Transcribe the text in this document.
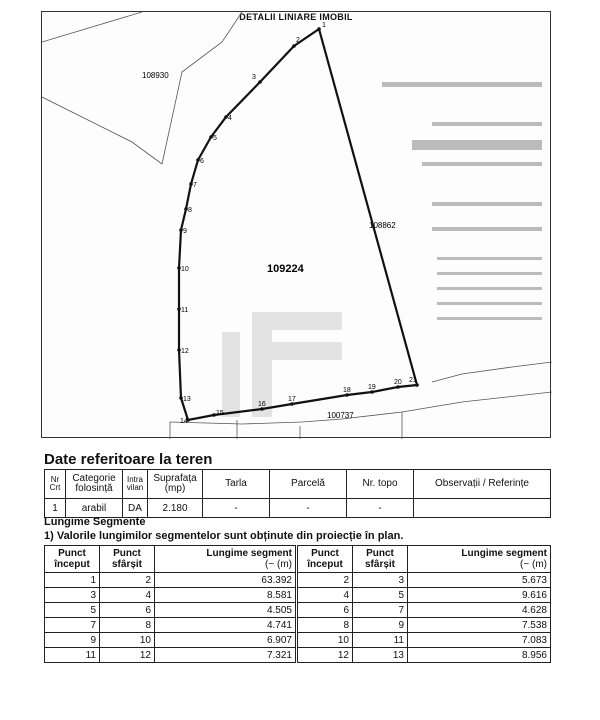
DETALII LINIARE IMOBIL
1
2
3
4
5
6
7
8
9
10
11
12
13
14
15
16
17
18 19
20 21
109224
108930
108862
100737
Date referitoare la teren
Nr Crt	Categorie folosință	Intra vilan	Suprafața (mp)	Tarla	Parcelă	Nr. topo	Observații / Referințe
1	arabil	DA	2.180	-	-	-	
Lungime Segmente
1) Valorile lungimilor segmentelor sunt obținute din proiecție în plan.
Punct început	Punct sfârșit	Lungime segment
(~ (m)
1	2	63.392
3	4	8.581
5	6	4.505
7	8	4.741
9	10	6.907
11	12	7.321
Punct început	Punct sfârșit	Lungime segment
(~ (m)
2	3	5.673
4	5	9.616
6	7	4.628
8	9	7.538
10	11	7.083
12	13	8.956
